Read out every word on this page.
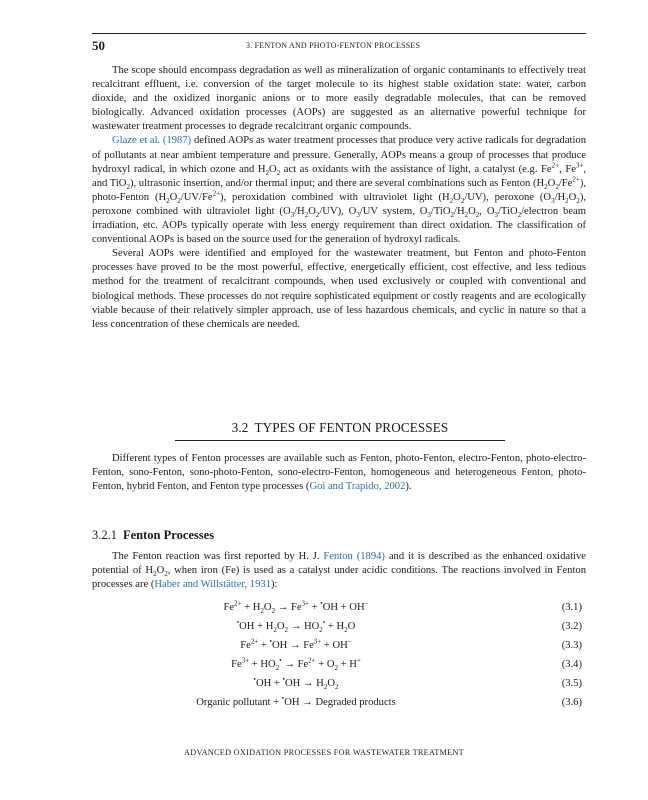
50	3. FENTON AND PHOTO-FENTON PROCESSES

The scope should encompass degradation as well as mineralization of organic contaminants to effectively treat recalcitrant effluent, i.e. conversion of the target molecule to its highest stable oxidation state: water, carbon dioxide, and the oxidized inorganic anions or to more easily degradable molecules, that can be removed biologically. Advanced oxidation processes (AOPs) are suggested as an alternative powerful technique for wastewater treatment processes to degrade recalcitrant organic compounds.

Glaze et al. (1987) defined AOPs as water treatment processes that produce very active radicals for degradation of pollutants at near ambient temperature and pressure. Generally, AOPs means a group of processes that produce hydroxyl radical, in which ozone and $H_2O_2$ act as oxidants with the assistance of light, a catalyst (e.g. $Fe^{2+}$, $Fe^{3+}$, and TiO$_2$), ultrasonic insertion, and/or thermal input; and there are several combinations such as Fenton $(H_2O_2/Fe^{2+})$, photo-Fenton $(H_2O_2/UV/Fe^{2+})$, peroxidation combined with ultraviolet light $(H_2O_2/UV)$, peroxone $(O_3/H_2O_2)$, peroxone combined with ultraviolet light $(O_3/H_2O_2/UV)$, $O_3/UV$ system, $O_3/TiO_2/H_2O_2$, $O_3/TiO_2$/electron beam irradiation, etc. AOPs typically operate with less energy requirement than direct oxidation. The classification of conventional AOPs is based on the source used for the generation of hydroxyl radicals.

Several AOPs were identified and employed for the wastewater treatment, but Fenton and photo-Fenton processes have proved to be the most powerful, effective, energetically efficient, cost effective, and less tedious method for the treatment of recalcitrant compounds, when used exclusively or coupled with conventional and biological methods. These processes do not require sophisticated equipment or costly reagents and are ecologically viable because of their relatively simpler approach, use of less hazardous chemicals, and cyclic in nature so that a less concentration of these chemicals are needed.

3.2 TYPES OF FENTON PROCESSES

Different types of Fenton processes are available such as Fenton, photo-Fenton, electro-Fenton, photo-electro-Fenton, sono-Fenton, sono-photo-Fenton, sono-electro-Fenton, homogeneous and heterogeneous Fenton, photo-Fenton, hybrid Fenton, and Fenton type processes (Goi and Trapido, 2002).

3.2.1 Fenton Processes

The Fenton reaction was first reported by H. J. Fenton (1894) and it is described as the enhanced oxidative potential of $H_2O_2$, when iron (Fe) is used as a catalyst under acidic conditions. The reactions involved in Fenton processes are (Haber and Willstätter, 1931):

$Fe^{2+} + H_2O_2 \to Fe^{3+} + ^•OH + OH^-$	(3.1)
$^•OH + H_2O_2 \to HO_2^• + H_2O$	(3.2)
$Fe^{2+} + ^•OH \to Fe^{3+} + OH^-$	(3.3)
$Fe^{3+} + HO_2^• \to Fe^{2+} + O_2 + H^+$	(3.4)
$^•OH + ^•OH \to H_2O_2$	(3.5)
Organic pollutant + •OH → Degraded products	(3.6)
ADVANCED OXIDATION PROCESSES FOR WASTEWATER TREATMENT
